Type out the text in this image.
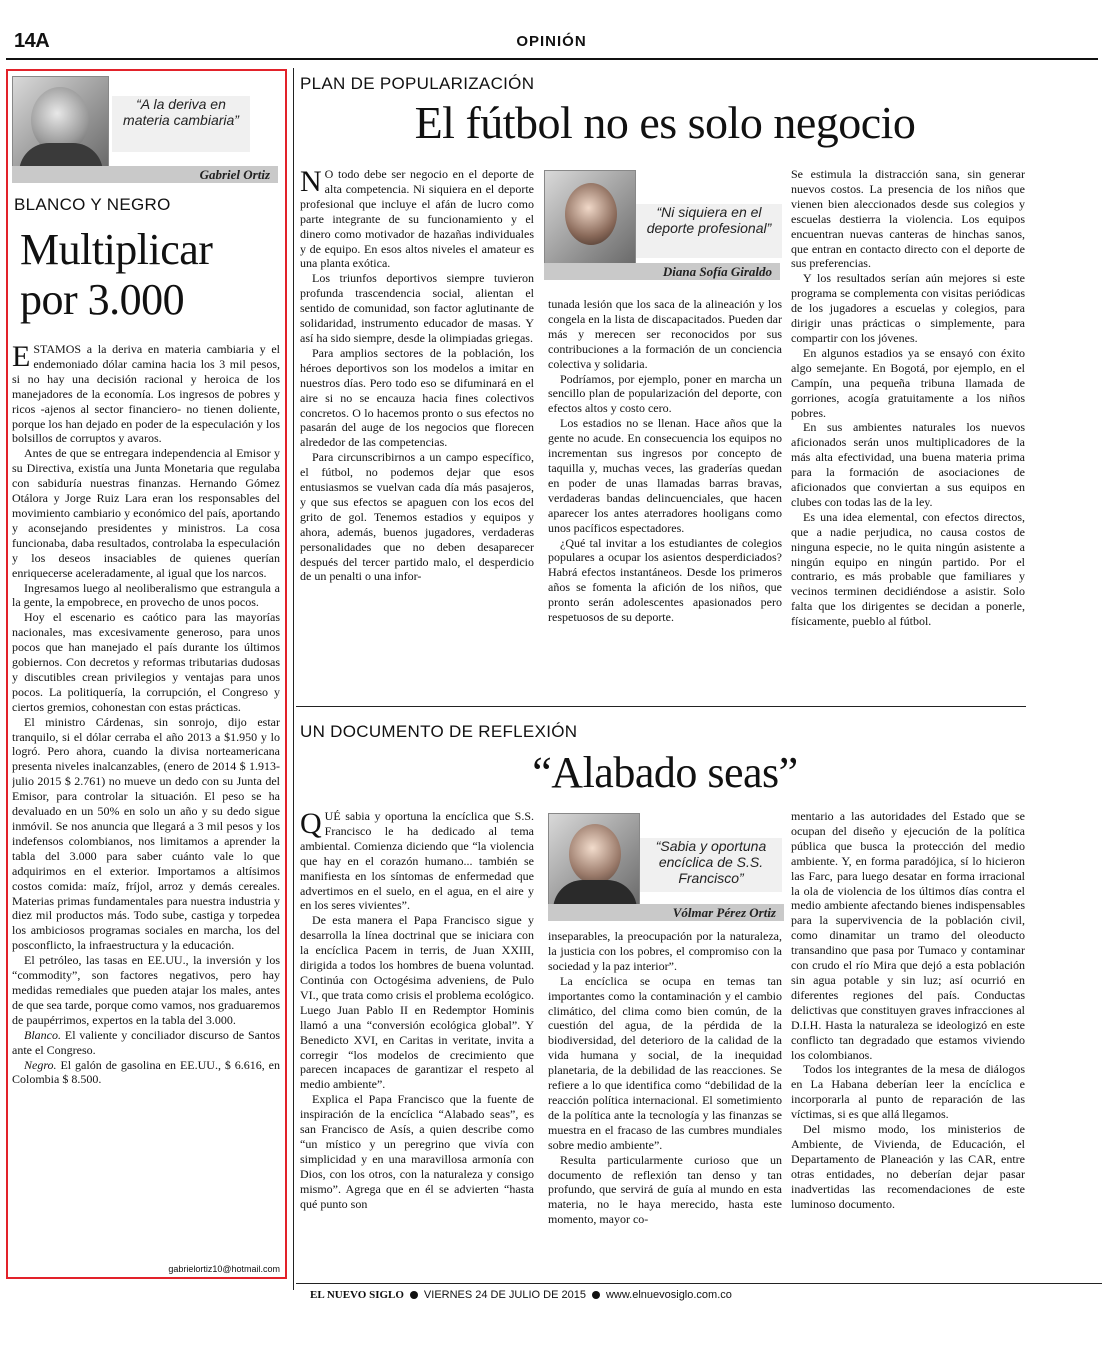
14A	OPINIÓN
“A la deriva en materia cambiaria”
Gabriel Ortiz
BLANCO Y NEGRO
Multiplicar por 3.000

ESTAMOS a la deriva en materia cambiaria y el endemoniado dólar camina hacia los 3 mil pesos, si no hay una decisión racional y heroica de los manejadores de la economía. Los ingresos de pobres y ricos -ajenos al sector financiero- no tienen doliente, porque los han dejado en poder de la especulación y los bolsillos de corruptos y avaros.

Antes de que se entregara independencia al Emisor y su Directiva, existía una Junta Monetaria que regulaba con sabiduría nuestras finanzas. Hernando Gómez Otálora y Jorge Ruiz Lara eran los responsables del movimiento cambiario y económico del país, aportando y aconsejando presidentes y ministros. La cosa funcionaba, daba resultados, controlaba la especulación y los deseos insaciables de quienes querían enriquecerse aceleradamente, al igual que los narcos.

Ingresamos luego al neoliberalismo que estrangula a la gente, la empobrece, en provecho de unos pocos.

Hoy el escenario es caótico para las mayorías nacionales, mas excesivamente generoso, para unos pocos que han manejado el país durante los últimos gobiernos. Con decretos y reformas tributarias dudosas y discutibles crean privilegios y ventajas para unos pocos. La politiquería, la corrupción, el Congreso y ciertos gremios, cohonestan con estas prácticas.

El ministro Cárdenas, sin sonrojo, dijo estar tranquilo, si el dólar cerraba el año 2013 a $1.950 y lo logró. Pero ahora, cuando la divisa norteamericana presenta niveles inalcanzables, (enero de 2014 $ 1.913-julio 2015 $ 2.761) no mueve un dedo con su Junta del Emisor, para controlar la situación. El peso se ha devaluado en un 50% en solo un año y su dedo sigue inmóvil. Se nos anuncia que llegará a 3 mil pesos y los indefensos colombianos, nos limitamos a aprender la tabla del 3.000 para saber cuánto vale lo que adquirimos en el exterior. Importamos a altísimos costos comida: maíz, fríjol, arroz y demás cereales. Materias primas fundamentales para nuestra industria y diez mil productos más. Todo sube, castiga y torpedea los ambiciosos programas sociales en marcha, los del posconflicto, la infraestructura y la educación.

El petróleo, las tasas en EE.UU., la inversión y los “commodity”, son factores negativos, pero hay medidas remediales que pueden atajar los males, antes de que sea tarde, porque como vamos, nos graduaremos de paupérrimos, expertos en la tabla del 3.000.

Blanco. El valiente y conciliador discurso de Santos ante el Congreso.

Negro. El galón de gasolina en EE.UU., $ 6.616, en Colombia $ 8.500.

gabrielortiz10@hotmail.com
PLAN DE POPULARIZACIÓN
El fútbol no es solo negocio

N O todo debe ser negocio en el deporte de alta competencia. Ni siquiera en el deporte profesional que incluye el afán de lucro como parte integrante de su funcionamiento y el dinero como motivador de hazañas individuales y de equipo. En esos altos niveles el amateur es una planta exótica.

Los triunfos deportivos siempre tuvieron profunda trascendencia social, alientan el sentido de comunidad, son factor aglutinante de solidaridad, instrumento educador de masas. Y así ha sido siempre, desde la olimpiadas griegas.

Para amplios sectores de la población, los héroes deportivos son los modelos a imitar en nuestros días. Pero todo eso se difuminará en el aire si no se encauza hacia fines colectivos concretos. O lo hacemos pronto o sus efectos no pasarán del auge de los negocios que florecen alrededor de las competencias.

Para circunscribirnos a un campo específico, el fútbol, no podemos dejar que esos entusiasmos se vuelvan cada día más pasajeros, y que sus efectos se apaguen con los ecos del grito de gol. Tenemos estadios y equipos y ahora, además, buenos jugadores, verdaderas personalidades que no deben desaparecer después del tercer partido malo, el desperdicio de un penalti o una infor-

“Ni siquiera en el deporte profesional”
Diana Sofía Giraldo

tunada lesión que los saca de la alineación y los congela en la lista de discapacitados. Pueden dar más y merecen ser reconocidos por sus contribuciones a la formación de un conciencia colectiva y solidaria.

Podríamos, por ejemplo, poner en marcha un sencillo plan de popularización del deporte, con efectos altos y costo cero.

Los estadios no se llenan. Hace años que la gente no acude. En consecuencia los equipos no incrementan sus ingresos por concepto de taquilla y, muchas veces, las graderías quedan en poder de unas llamadas barras bravas, verdaderas bandas delincuenciales, que hacen aparecer los antes aterradores hooligans como unos pacíficos espectadores.

¿Qué tal invitar a los estudiantes de colegios populares a ocupar los asientos desperdiciados? Habrá efectos instantáneos. Desde los primeros años se fomenta la afición de los niños, que pronto serán adolescentes apasionados pero respetuosos de su deporte.

Se estimula la distracción sana, sin generar nuevos costos. La presencia de los niños que vienen bien aleccionados desde sus colegios y escuelas destierra la violencia. Los equipos encuentran nuevas canteras de hinchas sanos, que entran en contacto directo con el deporte de sus preferencias.

Y los resultados serían aún mejores si este programa se complementa con visitas periódicas de los jugadores a escuelas y colegios, para dirigir unas prácticas o simplemente, para compartir con los jóvenes.

En algunos estadios ya se ensayó con éxito algo semejante. En Bogotá, por ejemplo, en el Campín, una pequeña tribuna llamada de gorriones, acogía gratuitamente a los niños pobres.

En sus ambientes naturales los nuevos aficionados serán unos multiplicadores de la más alta efectividad, una buena materia prima para la formación de asociaciones de aficionados que conviertan a sus equipos en clubes con todas las de la ley.

Es una idea elemental, con efectos directos, que a nadie perjudica, no causa costos de ninguna especie, no le quita ningún asistente a ningún equipo en ningún partido. Por el contrario, es más probable que familiares y vecinos terminen decidiéndose a asistir. Solo falta que los dirigentes se decidan a ponerle, físicamente, pueblo al fútbol.

UN DOCUMENTO DE REFLEXIÓN
“Alabado seas”

QUÉ sabia y oportuna la encíclica que S.S. Francisco le ha dedicado al tema ambiental. Comienza diciendo que “la violencia que hay en el corazón humano... también se manifiesta en los síntomas de enfermedad que advertimos en el suelo, en el agua, en el aire y en los seres vivientes”.

De esta manera el Papa Francisco sigue y desarrolla la línea doctrinal que se iniciara con la encíclica Pacem in terris, de Juan XXIII, dirigida a todos los hombres de buena voluntad. Continúa con Octogésima adveniens, de Pulo VI., que trata como crisis el problema ecológico. Luego Juan Pablo II en Redemptor Hominis llamó a una “conversión ecológica global”. Y Benedicto XVI, en Caritas in veritate, invita a corregir “los modelos de crecimiento que parecen incapaces de garantizar el respeto al medio ambiente”.

Explica el Papa Francisco que la fuente de inspiración de la encíclica “Alabado seas”, es san Francisco de Asís, a quien describe como “un místico y un peregrino que vivía con simplicidad y en una maravillosa armonía con Dios, con los otros, con la naturaleza y consigo mismo”. Agrega que en él se advierten “hasta qué punto son

“Sabia y oportuna encíclica de S.S. Francisco”
Vólmar Pérez Ortiz

inseparables, la preocupación por la naturaleza, la justicia con los pobres, el compromiso con la sociedad y la paz interior”.

La encíclica se ocupa en temas tan importantes como la contaminación y el cambio climático, del clima como bien común, de la cuestión del agua, de la pérdida de la biodiversidad, del deterioro de la calidad de la vida humana y social, de la inequidad planetaria, de la debilidad de las reacciones. Se refiere a lo que identifica como “debilidad de la reacción política internacional. El sometimiento de la política ante la tecnología y las finanzas se muestra en el fracaso de las cumbres mundiales sobre medio ambiente”.

Resulta particularmente curioso que un documento de reflexión tan denso y tan profundo, que servirá de guía al mundo en esta materia, no le haya merecido, hasta este momento, mayor co-

mentario a las autoridades del Estado que se ocupan del diseño y ejecución de la política pública que busca la protección del medio ambiente. Y, en forma paradójica, sí lo hicieron las Farc, para luego desatar en forma irracional la ola de violencia de los últimos días contra el medio ambiente afectando bienes indispensables para la supervivencia de la población civil, como dinamitar un tramo del oleoducto transandino que pasa por Tumaco y contaminar con crudo el río Mira que dejó a esta población sin agua potable y sin luz; así ocurrió en diferentes regiones del país. Conductas delictivas que constituyen graves infracciones al D.I.H. Hasta la naturaleza se ideologizó en este conflicto tan degradado que estamos viviendo los colombianos.

Todos los integrantes de la mesa de diálogos en La Habana deberían leer la encíclica e incorporarla al punto de reparación de las víctimas, si es que allá llegamos.

Del mismo modo, los ministerios de Ambiente, de Vivienda, de Educación, el Departamento de Planeación y las CAR, entre otras entidades, no deberían dejar pasar inadvertidas las recomendaciones de este luminoso documento.

EL NUEVO SIGLO VIERNES 24 DE JULIO DE 2015 www.elnuevosiglo.com.co
